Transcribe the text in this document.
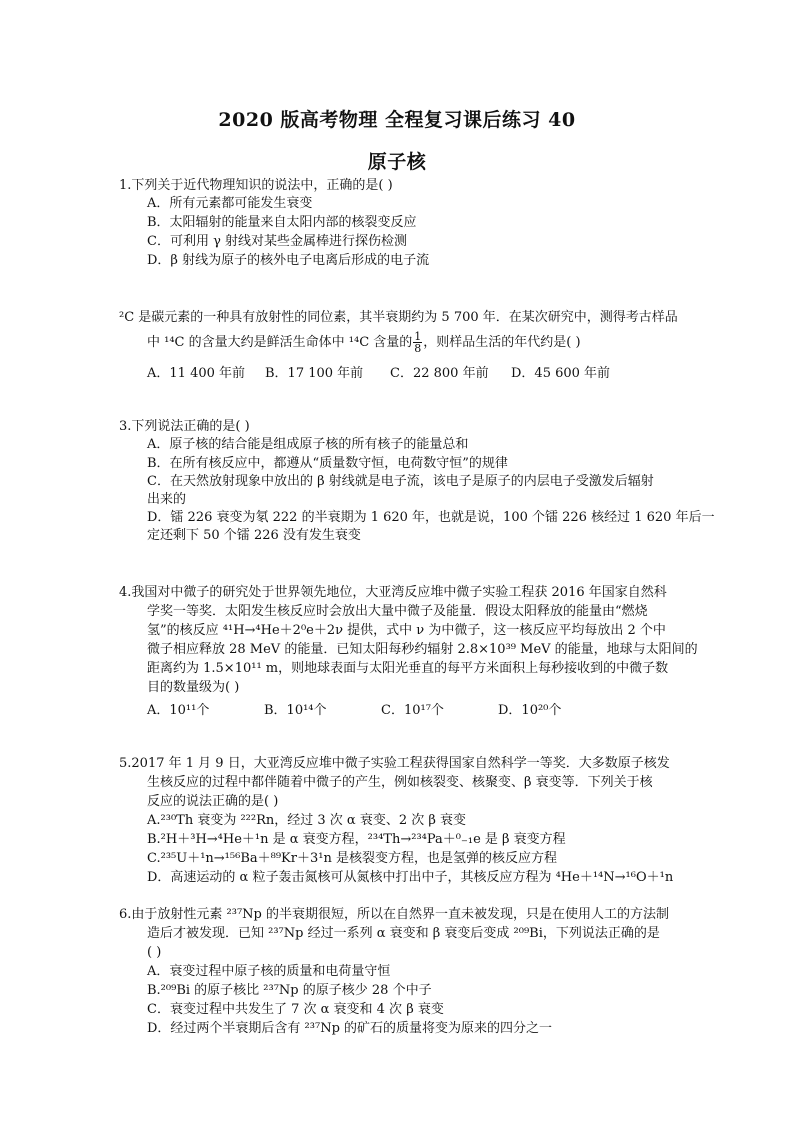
2020 版高考物理 全程复习课后练习 40
原子核
1.下列关于近代物理知识的说法中，正确的是( )
A．所有元素都可能发生衰变
B．太阳辐射的能量来自太阳内部的核裂变反应
C．可利用 γ 射线对某些金属棒进行探伤检测
D．β 射线为原子的核外电子电离后形成的电子流
²C 是碳元素的一种具有放射性的同位素，其半衰期约为 5 700 年．在某次研究中，测得考古样品
中 ¹⁴C 的含量大约是鲜活生命体中 ¹⁴C 含量的 $\frac{1}{8}$ ，则样品生活的年代约是( )
A．11 400 年前 B．17 100 年前 C．22 800 年前 D．45 600 年前
3.下列说法正确的是( )
A．原子核的结合能是组成原子核的所有核子的能量总和
B．在所有核反应中，都遵从“质量数守恒，电荷数守恒”的规律
C．在天然放射现象中放出的 β 射线就是电子流，该电子是原子的内层电子受激发后辐射
出来的
D．镭 226 衰变为氡 222 的半衰期为 1 620 年，也就是说，100 个镭 226 核经过 1 620 年后一
定还剩下 50 个镭 226 没有发生衰变
4.我国对中微子的研究处于世界领先地位，大亚湾反应堆中微子实验工程获 2016 年国家自然科
学奖一等奖．太阳发生核反应时会放出大量中微子及能量．假设太阳释放的能量由“燃烧
氢”的核反应 ⁴¹H→⁴He＋2⁰e＋2ν 提供，式中 ν 为中微子，这一核反应平均每放出 2 个中
微子相应释放 28 MeV 的能量．已知太阳每秒约辐射 2.8×10³⁹ MeV 的能量，地球与太阳间的
距离约为 1.5×10¹¹ m，则地球表面与太阳光垂直的每平方米面积上每秒接收到的中微子数
目的数量级为( )
A．10¹¹个	B．10¹⁴个	C．10¹⁷个	D．10²⁰个
5.2017 年 1 月 9 日，大亚湾反应堆中微子实验工程获得国家自然科学一等奖．大多数原子核发
生核反应的过程中都伴随着中微子的产生，例如核裂变、核聚变、β 衰变等．下列关于核
反应的说法正确的是( )
A.²³⁰Th 衰变为 ²²²Rn，经过 3 次 α 衰变、2 次 β 衰变
B.²H＋³H→⁴He＋¹n 是 α 衰变方程，²³⁴Th→²³⁴Pa＋⁰₋₁e 是 β 衰变方程
C.²³⁵U＋¹n→¹⁵⁶Ba＋⁸⁹Kr＋3¹n 是核裂变方程，也是氢弹的核反应方程
D．高速运动的 α 粒子轰击氮核可从氮核中打出中子，其核反应方程为 ⁴He＋¹⁴N→¹⁶O＋¹n
6.由于放射性元素 ²³⁷Np 的半衰期很短，所以在自然界一直未被发现，只是在使用人工的方法制
造后才被发现．已知 ²³⁷Np 经过一系列 α 衰变和 β 衰变后变成 ²⁰⁹Bi，下列说法正确的是
( )
A．衰变过程中原子核的质量和电荷量守恒
B.²⁰⁹Bi 的原子核比 ²³⁷Np 的原子核少 28 个中子
C．衰变过程中共发生了 7 次 α 衰变和 4 次 β 衰变
D．经过两个半衰期后含有 ²³⁷Np 的矿石的质量将变为原来的四分之一
